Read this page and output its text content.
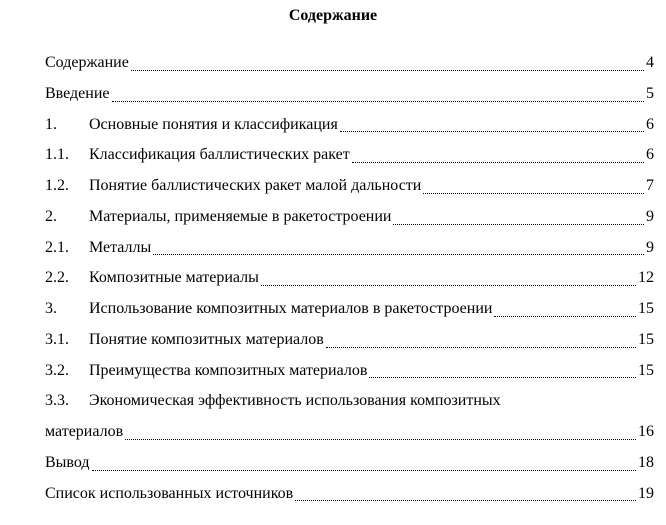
Содержание
Содержание	4
Введение	5
1.	Основные понятия и классификация	6
1.1.	Классификация баллистических ракет	6
1.2.	Понятие баллистических ракет малой дальности	7
2.	Материалы, применяемые в ракетостроении	9
2.1.	Металлы	9
2.2.	Композитные материалы	12
3.	Использование композитных материалов в ракетостроении	15
3.1.	Понятие композитных материалов	15
3.2.	Преимущества композитных материалов	15
3.3.	Экономическая эффективность использования композитных
материалов	16
Вывод	18
Список использованных источников	19
